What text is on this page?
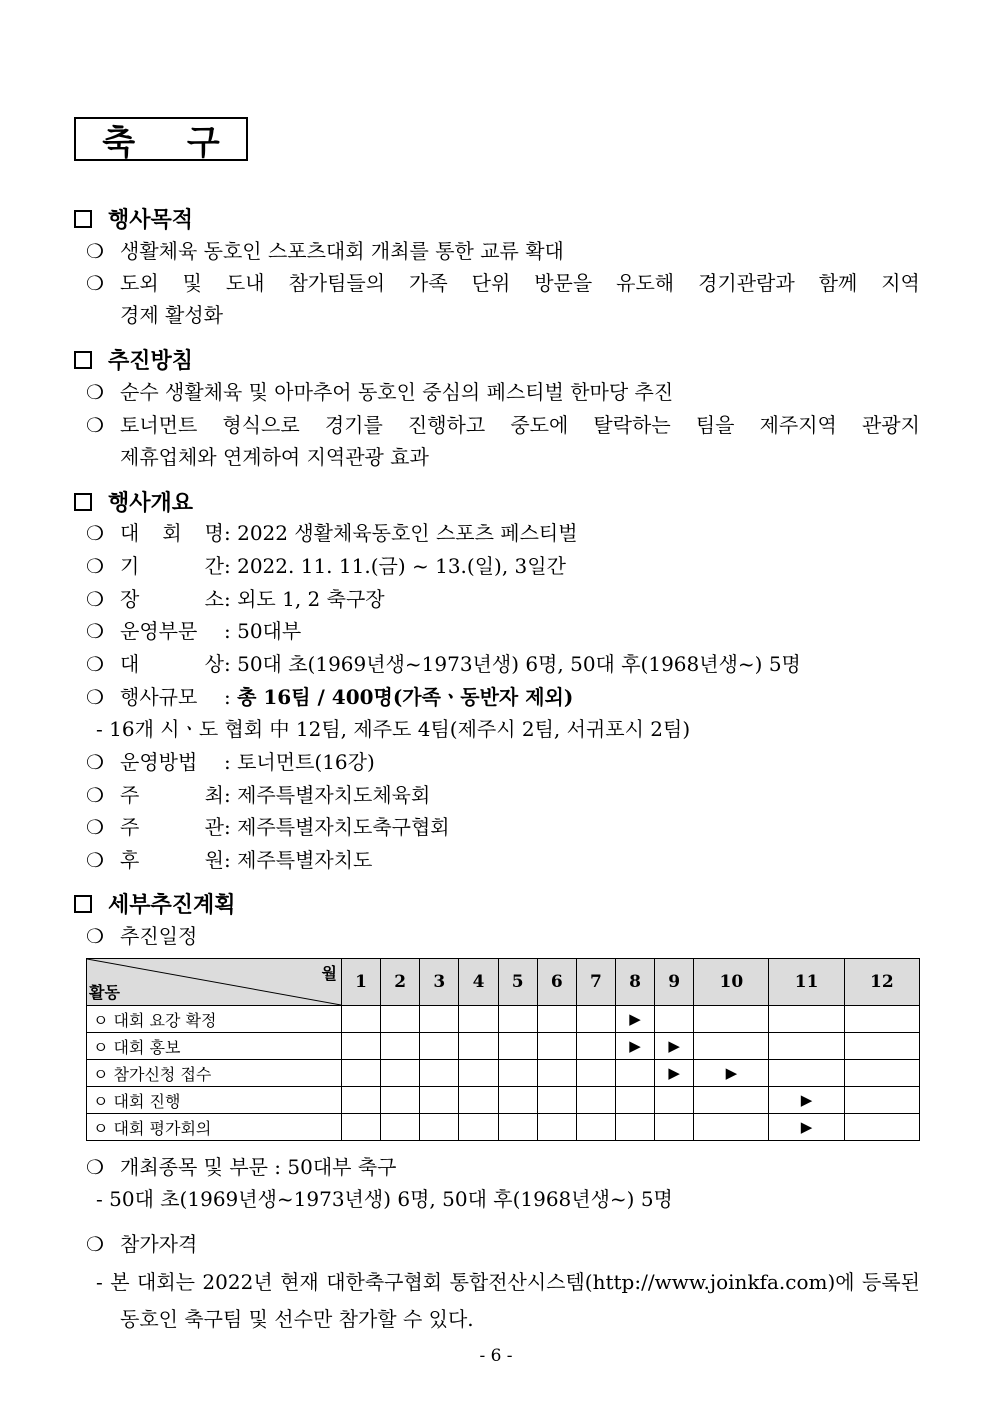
축 구
행사목적
❍ 생활체육 동호인 스포츠대회 개최를 통한 교류 확대
❍ 도외 및 도내 참가팀들의 가족 단위 방문을 유도해 경기관람과 함께 지역
경제 활성화
추진방침
❍ 순수 생활체육 및 아마추어 동호인 중심의 페스티벌 한마당 추진
❍ 토너먼트 형식으로 경기를 진행하고 중도에 탈락하는 팀을 제주지역 관광지
제휴업체와 연계하여 지역관광 효과
행사개요
❍ 대 회 명 : 2022 생활체육동호인 스포츠 페스티벌
❍ 기	간 : 2022. 11. 11.(금) ~ 13.(일), 3일간
❍ 장	소 : 외도 1, 2 축구장
❍ 운영부문 : 50대부
❍ 대	상 : 50대 초(1969년생~1973년생) 6명, 50대 후(1968년생~) 5명
❍ 행사규모 : 총 16팀 / 400명(가족ㆍ동반자 제외)
- 16개 시ㆍ도 협회 中 12팀, 제주도 4팀(제주시 2팀, 서귀포시 2팀)
❍ 운영방법 : 토너먼트(16강)
❍ 주	최 : 제주특별자치도체육회
❍ 주	관 : 제주특별자치도축구협회
❍ 후	원 : 제주특별자치도
세부추진계획
❍ 추진일정
월
활동	1	2	3	4	5	6	7	8	9	10	11	12
ㅇ 대회 요강 확정								▶				
ㅇ 대회 홍보								▶	▶			
ㅇ 참가신청 접수									▶	▶		
ㅇ 대회 진행											▶	
ㅇ 대회 평가회의											▶	
❍ 개최종목 및 부문 : 50대부 축구
- 50대 초(1969년생~1973년생) 6명, 50대 후(1968년생~) 5명
❍ 참가자격
- 본 대회는 2022년 현재 대한축구협회 통합전산시스템(http://www.joinkfa.com)에 등록된
동호인 축구팀 및 선수만 참가할 수 있다.
- 6 -
